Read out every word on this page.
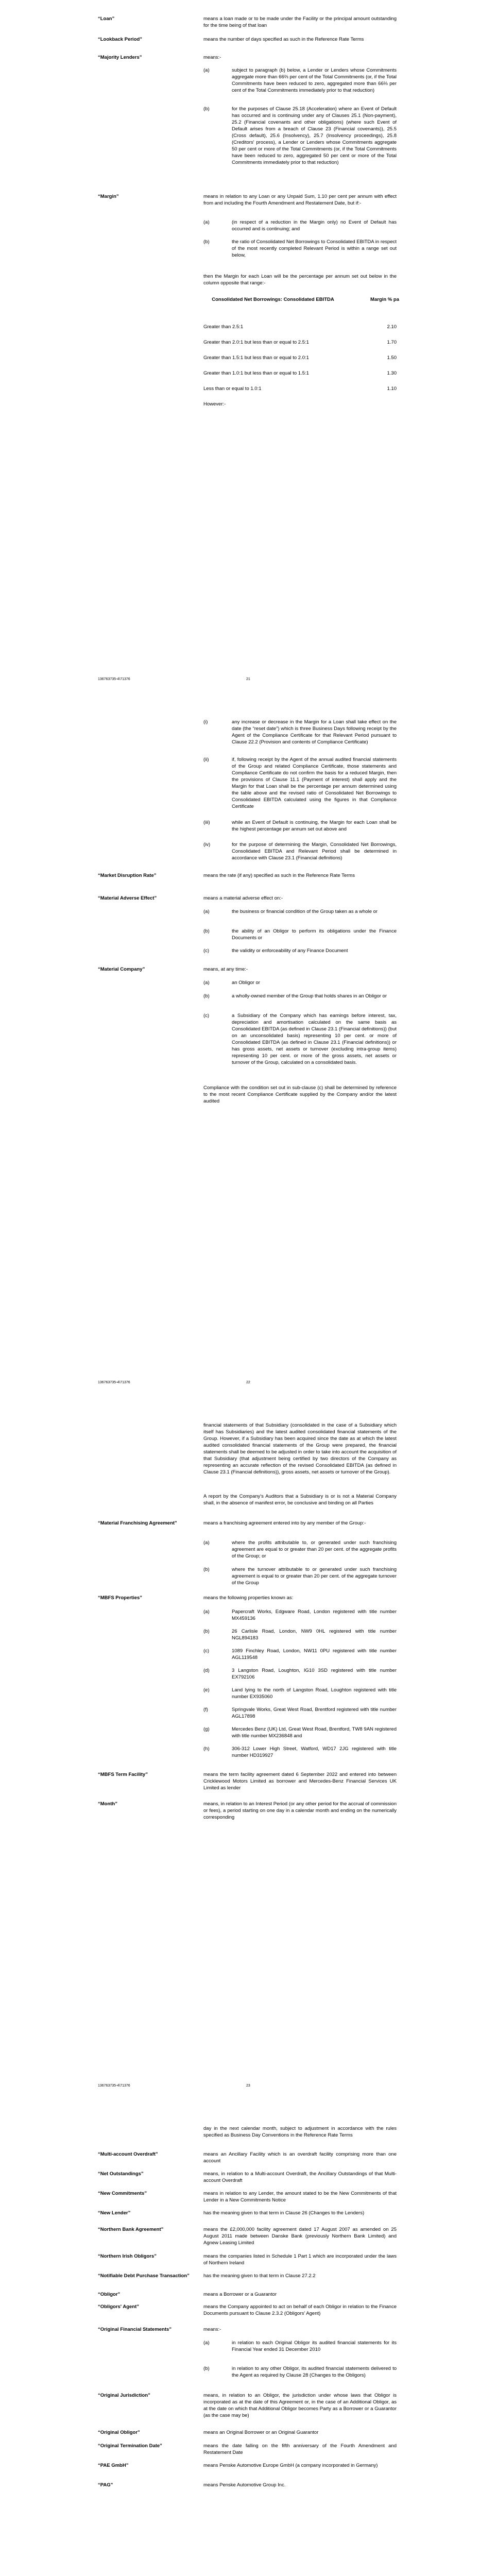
“Loan”	means a loan made or to be made under the Facility or the principal amount outstanding for the time being of that loan
“Lookback Period”	means the number of days specified as such in the Reference Rate Terms
“Majority Lenders”	means:-
(a)	subject to paragraph (b) below, a Lender or Lenders whose Commitments aggregate more than 66⅔ per cent of the Total Commitments (or, if the Total Commitments have been reduced to zero, aggregated more than 66⅔ per cent of the Total Commitments immediately prior to that reduction)
(b)	for the purposes of Clause 25.18 (Acceleration) where an Event of Default has occurred and is continuing under any of Clauses 25.1 (Non-payment), 25.2 (Financial covenants and other obligations) (where such Event of Default arises from a breach of Clause 23 (Financial covenants)), 25.5 (Cross default), 25.6 (Insolvency), 25.7 (Insolvency proceedings), 25.8 (Creditors' process), a Lender or Lenders whose Commitments aggregate 50 per cent or more of the Total Commitments (or, if the Total Commitments have been reduced to zero, aggregated 50 per cent or more of the Total Commitments immediately prior to that reduction)
“Margin”	means in relation to any Loan or any Unpaid Sum, 1.10 per cent per annum with effect from and including the Fourth Amendment and Restatement Date, but if:-
(a)	(in respect of a reduction in the Margin only) no Event of Default has occurred and is continuing; and
(b)	the ratio of Consolidated Net Borrowings to Consolidated EBITDA in respect of the most recently completed Relevant Period is within a range set out below,
then the Margin for each Loan will be the percentage per annum set out below in the column opposite that range:-
Consolidated Net Borrowings: Consolidated EBITDA	Margin % pa
Greater than 2.5:1	2.10
Greater than 2.0:1 but less than or equal to 2.5:1	1.70
Greater than 1.5:1 but less than or equal to 2.0:1	1.50
Greater than 1.0:1 but less than or equal to 1.5:1	1.30
Less than or equal to 1.0:1	1.10
However:-
136763735-4\71376	21
(i)	any increase or decrease in the Margin for a Loan shall take effect on the date (the “reset date”) which is three Business Days following receipt by the Agent of the Compliance Certificate for that Relevant Period pursuant to Clause 22.2 (Provision and contents of Compliance Certificate)
(ii)	if, following receipt by the Agent of the annual audited financial statements of the Group and related Compliance Certificate, those statements and Compliance Certificate do not confirm the basis for a reduced Margin, then the provisions of Clause 11.1 (Payment of interest) shall apply and the Margin for that Loan shall be the percentage per annum determined using the table above and the revised ratio of Consolidated Net Borrowings to Consolidated EBITDA calculated using the figures in that Compliance Certificate
(iii)	while an Event of Default is continuing, the Margin for each Loan shall be the highest percentage per annum set out above and
(iv)	for the purpose of determining the Margin, Consolidated Net Borrowings, Consolidated EBITDA and Relevant Period shall be determined in accordance with Clause 23.1 (Financial definitions)
“Market Disruption Rate”	means the rate (if any) specified as such in the Reference Rate Terms
“Material Adverse Effect”	means a material adverse effect on:-
(a)	the business or financial condition of the Group taken as a whole or
(b)	the ability of an Obligor to perform its obligations under the Finance Documents or
(c)	the validity or enforceability of any Finance Document
“Material Company”	means, at any time:-
(a)	an Obligor or
(b)	a wholly-owned member of the Group that holds shares in an Obligor or
(c)	a Subsidiary of the Company which has earnings before interest, tax, depreciation and amortisation calculated on the same basis as Consolidated EBITDA (as defined in Clause 23.1 (Financial definitions)) (but on an unconsolidated basis) representing 10 per cent. or more of Consolidated EBITDA (as defined in Clause 23.1 (Financial definitions)) or has gross assets, net assets or turnover (excluding intra-group items) representing 10 per cent. or more of the gross assets, net assets or turnover of the Group, calculated on a consolidated basis.
Compliance with the condition set out in sub-clause (c) shall be determined by reference to the most recent Compliance Certificate supplied by the Company and/or the latest audited
136763735-4\71376	22
financial statements of that Subsidiary (consolidated in the case of a Subsidiary which itself has Subsidiaries) and the latest audited consolidated financial statements of the Group. However, if a Subsidiary has been acquired since the date as at which the latest audited consolidated financial statements of the Group were prepared, the financial statements shall be deemed to be adjusted in order to take into account the acquisition of that Subsidiary (that adjustment being certified by two directors of the Company as representing an accurate reflection of the revised Consolidated EBITDA (as defined in Clause 23.1 (Financial definitions)), gross assets, net assets or turnover of the Group).
A report by the Company's Auditors that a Subsidiary is or is not a Material Company shall, in the absence of manifest error, be conclusive and binding on all Parties
“Material Franchising Agreement”	means a franchising agreement entered into by any member of the Group:-
(a)	where the profits attributable to, or generated under such franchising agreement are equal to or greater than 20 per cent. of the aggregate profits of the Group; or
(b)	where the turnover attributable to or generated under such franchising agreement is equal to or greater than 20 per cent. of the aggregate turnover of the Group
“MBFS Properties”	means the following properties known as:
(a)	Papercraft Works, Edgware Road, London registered with title number MX459136
(b)	26 Carlisle Road, London, NW9 0HL registered with title number NGL894183
(c)	1089 Finchley Road, London, NW11 0PU registered with title number AGL119548
(d)	3 Langston Road, Loughton, IG10 3SD registered with title number EX792106
(e)	Land lying to the north of Langston Road, Loughton registered with title number EX935060
(f)	Springvale Works, Great West Road, Brentford registered with title number AGL17898
(g)	Mercedes Benz (UK) Ltd, Great West Road, Brentford, TW8 9AN registered with title number MX236848 and
(h)	306-312 Lower High Street, Watford, WD17 2JG registered with title number HD319927
“MBFS Term Facility”	means the term facility agreement dated 6 September 2022 and entered into between Cricklewood Motors Limited as borrower and Mercedes-Benz Financial Services UK Limited as lender
“Month”	means, in relation to an Interest Period (or any other period for the accrual of commission or fees), a period starting on one day in a calendar month and ending on the numerically corresponding
136763735-4\71376	23
day in the next calendar month, subject to adjustment in accordance with the rules specified as Business Day Conventions in the Reference Rate Terms
“Multi-account Overdraft”	means an Ancillary Facility which is an overdraft facility comprising more than one account
“Net Outstandings”	means, in relation to a Multi-account Overdraft, the Ancillary Outstandings of that Multi-account Overdraft
“New Commitments”	means in relation to any Lender, the amount stated to be the New Commitments of that Lender in a New Commitments Notice
“New Lender”	has the meaning given to that term in Clause 26 (Changes to the Lenders)
“Northern Bank Agreement”	means the £2,000,000 facility agreement dated 17 August 2007 as amended on 25 August 2011 made between Danske Bank (previously Northern Bank Limited) and Agnew Leasing Limited
“Northern Irish Obligors”	means the companies listed in Schedule 1 Part 1 which are incorporated under the laws of Northern Ireland
“Notifiable Debt Purchase Transaction”	has the meaning given to that term in Clause 27.2.2
“Obligor”	means a Borrower or a Guarantor
“Obligors' Agent”	means the Company appointed to act on behalf of each Obligor in relation to the Finance Documents pursuant to Clause 2.3.2 (Obligors' Agent)
“Original Financial Statements”	means:-
(a)	in relation to each Original Obligor its audited financial statements for its Financial Year ended 31 December 2010
(b)	in relation to any other Obligor, its audited financial statements delivered to the Agent as required by Clause 28 (Changes to the Obligors)
“Original Jurisdiction”	means, in relation to an Obligor, the jurisdiction under whose laws that Obligor is incorporated as at the date of this Agreement or, in the case of an Additional Obligor, as at the date on which that Additional Obligor becomes Party as a Borrower or a Guarantor (as the case may be)
“Original Obligor”	means an Original Borrower or an Original Guarantor
“Original Termination Date”	means the date falling on the fifth anniversary of the Fourth Amendment and Restatement Date
“PAE GmbH”	means Penske Automotive Europe GmbH (a company incorporated in Germany)
“PAG”	means Penske Automotive Group Inc.
